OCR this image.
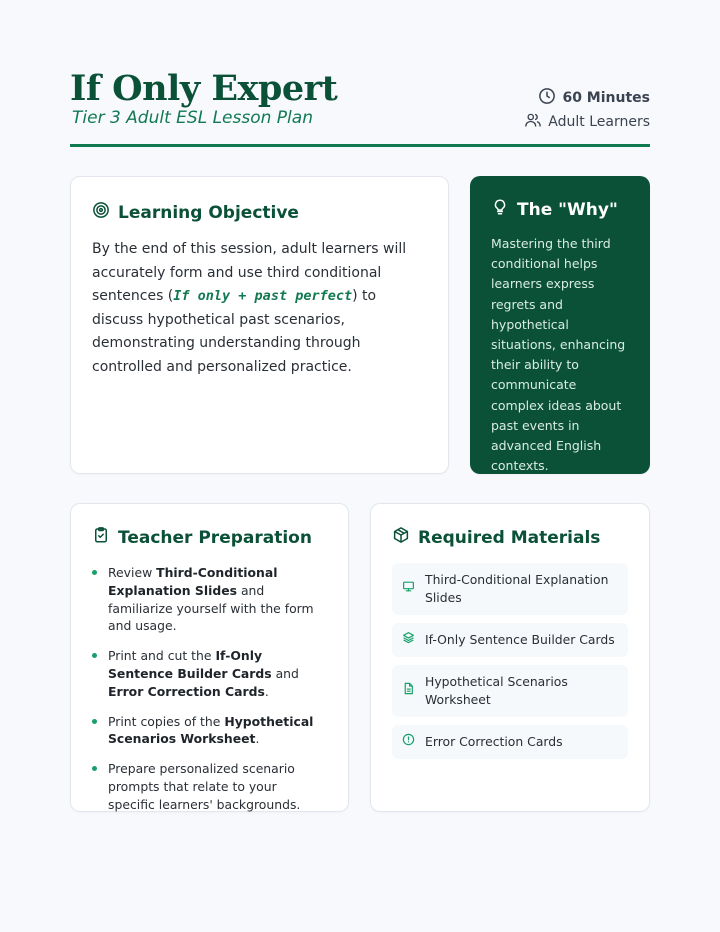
If Only Expert
Tier 3 Adult ESL Lesson Plan
60 Minutes
Adult Learners
Learning Objective

By the end of this session, adult learners will accurately form and use third conditional sentences (If only + past perfect) to discuss hypothetical past scenarios, demonstrating understanding through controlled and personalized practice.

The "Why"

Mastering the third conditional helps learners express regrets and hypothetical situations, enhancing their ability to communicate complex ideas about past events in advanced English contexts.

Teacher Preparation
Review Third-Conditional Explanation Slides and familiarize yourself with the form and usage.
Print and cut the If-Only Sentence Builder Cards and Error Correction Cards.
Print copies of the Hypothetical Scenarios Worksheet.
Prepare personalized scenario prompts that relate to your specific learners' backgrounds.
Required Materials
Third-Conditional Explanation Slides
If-Only Sentence Builder Cards
Hypothetical Scenarios Worksheet
Error Correction Cards
